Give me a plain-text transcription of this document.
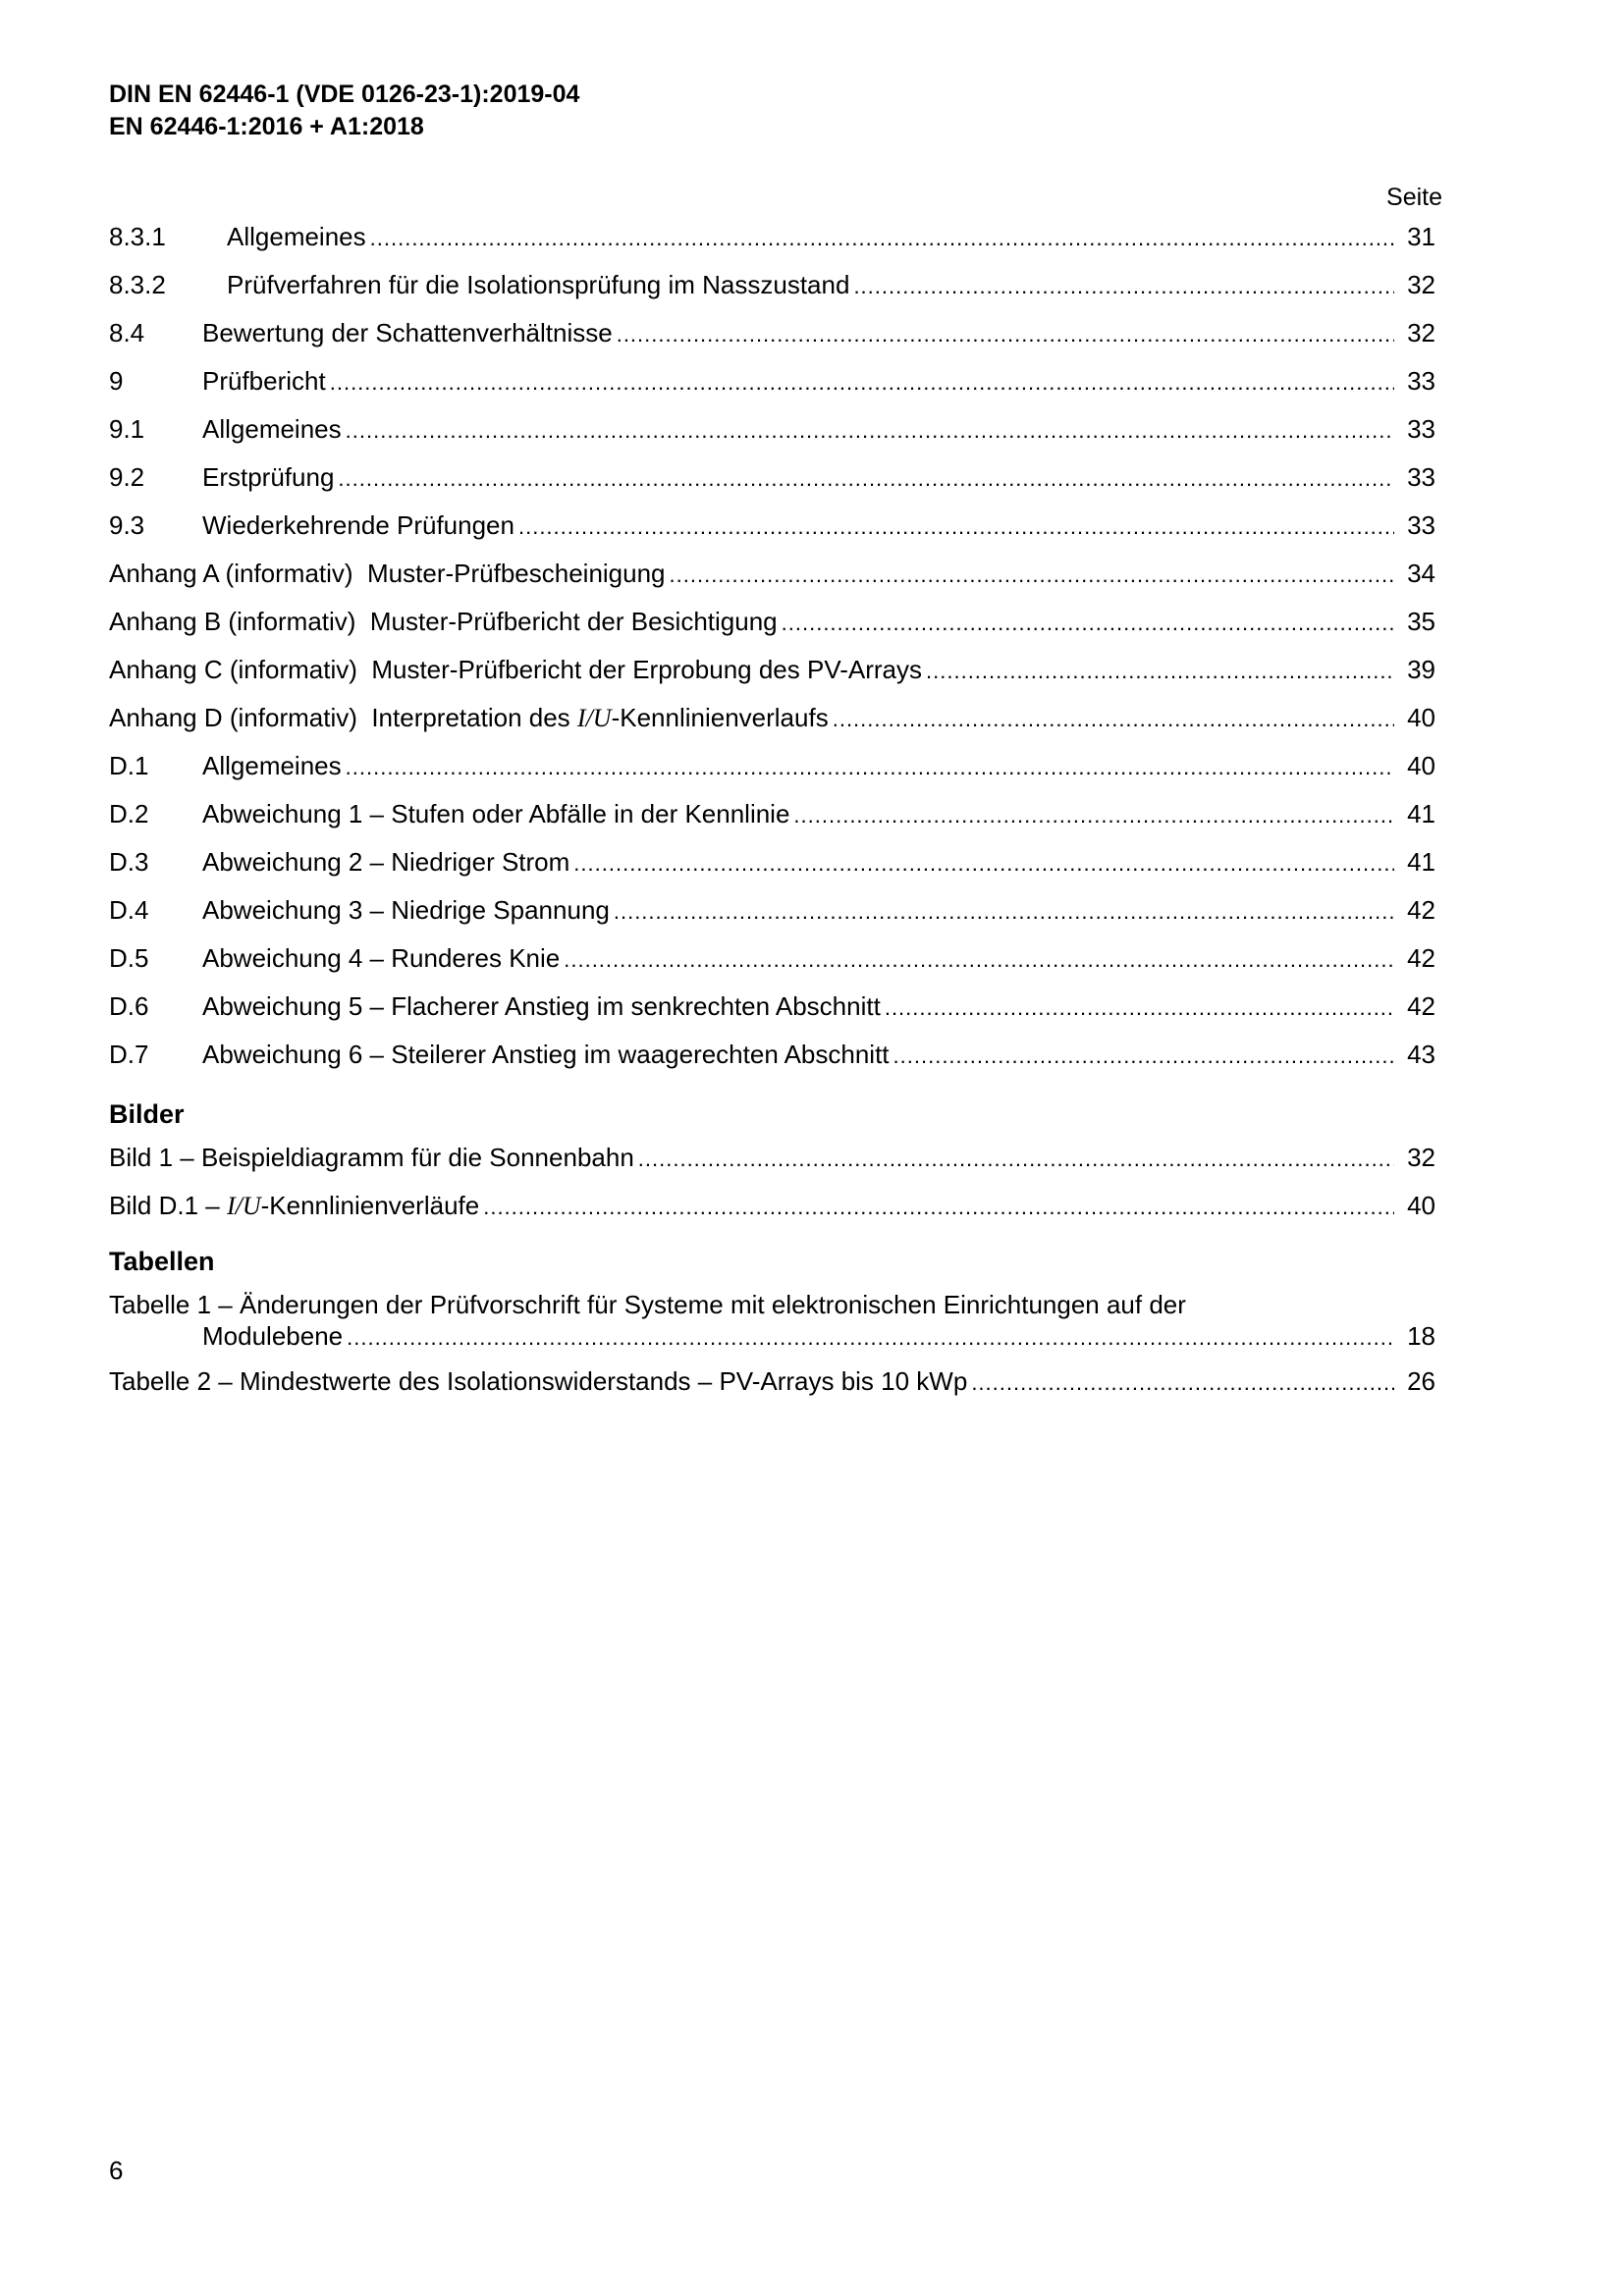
DIN EN 62446-1 (VDE 0126-23-1):2019-04
EN 62446-1:2016 + A1:2018
Seite
8.3.1 Allgemeines .....	31
8.3.2 Prüfverfahren für die Isolationsprüfung im Nasszustand .....	32
8.4 Bewertung der Schattenverhältnisse .....	32
9	Prüfbericht .....	33
9.1 Allgemeines .....	33
9.2 Erstprüfung .....	33
9.3 Wiederkehrende Prüfungen .....	33
Anhang A (informativ)  Muster-Prüfbescheinigung .....	34
Anhang B (informativ)  Muster-Prüfbericht der Besichtigung .....	35
Anhang C (informativ)  Muster-Prüfbericht der Erprobung des PV-Arrays .....	39
Anhang D (informativ)  Interpretation des I/U-Kennlinienverlaufs .....	40
D.1 Allgemeines .....	40
D.2 Abweichung 1 – Stufen oder Abfälle in der Kennlinie .....	41
D.3 Abweichung 2 – Niedriger Strom .....	41
D.4 Abweichung 3 – Niedrige Spannung .....	42
D.5 Abweichung 4 – Runderes Knie .....	42
D.6 Abweichung 5 – Flacherer Anstieg im senkrechten Abschnitt .....	42
D.7 Abweichung 6 – Steilerer Anstieg im waagerechten Abschnitt .....	43
Bilder
Bild 1 – Beispieldiagramm für die Sonnenbahn .....	32
Bild D.1 – I/U-Kennlinienverläufe .....	40
Tabellen
Tabelle 1 – Änderungen der Prüfvorschrift für Systeme mit elektronischen Einrichtungen auf der
Modulebene .....	18
Tabelle 2 – Mindestwerte des Isolationswiderstands – PV-Arrays bis 10 kWp .....	26
6
